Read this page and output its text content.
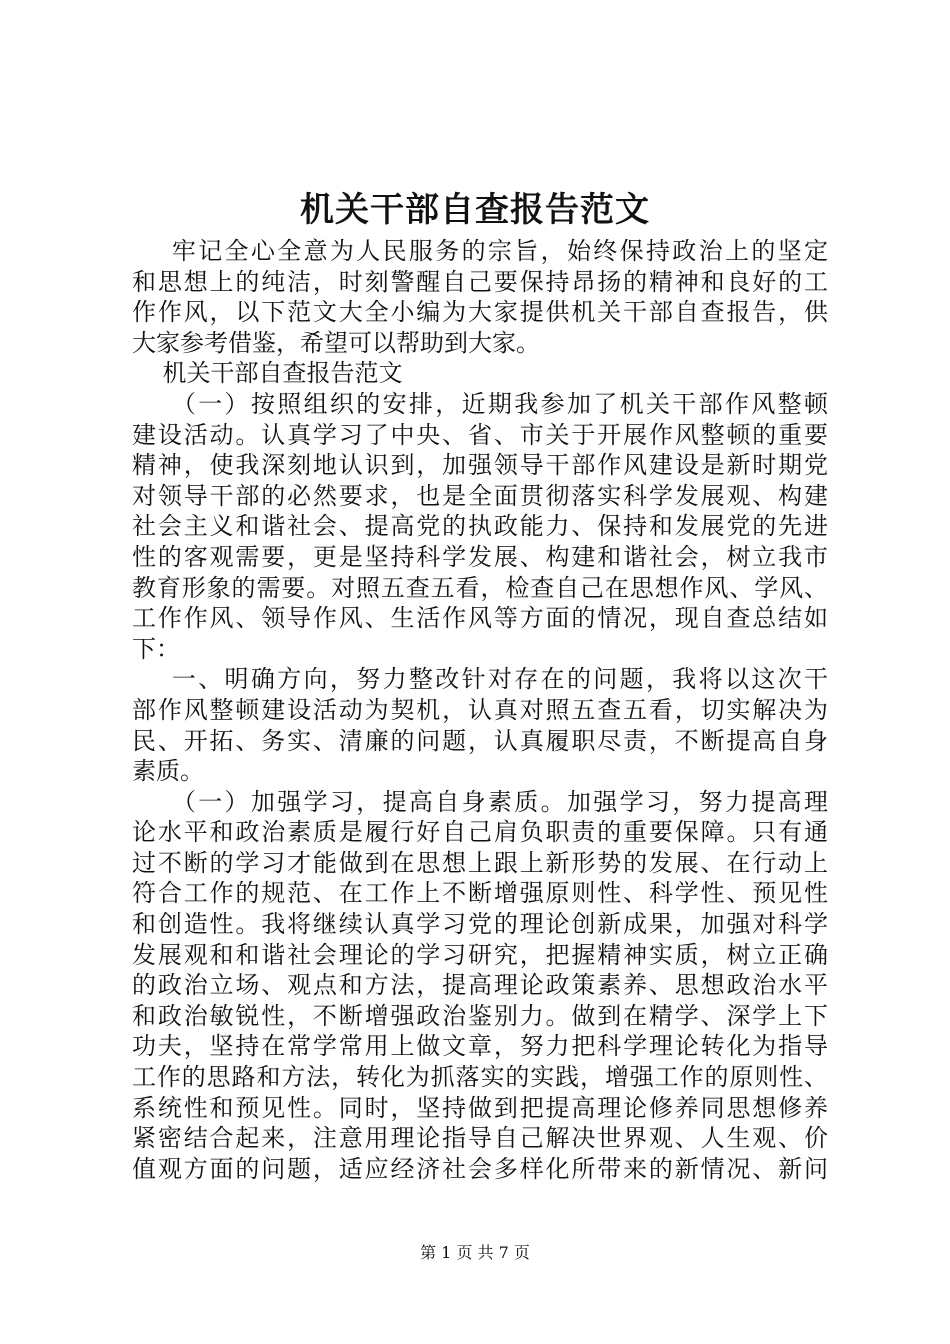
机关干部自查报告范文
牢记全心全意为人民服务的宗旨，始终保持政治上的坚定
和思想上的纯洁，时刻警醒自己要保持昂扬的精神和良好的工
作作风，以下范文大全小编为大家提供机关干部自查报告，供
大家参考借鉴，希望可以帮助到大家。
机关干部自查报告范文
（一）按照组织的安排，近期我参加了机关干部作风整顿
建设活动。认真学习了中央、省、市关于开展作风整顿的重要
精神，使我深刻地认识到，加强领导干部作风建设是新时期党
对领导干部的必然要求，也是全面贯彻落实科学发展观、构建
社会主义和谐社会、提高党的执政能力、保持和发展党的先进
性的客观需要，更是坚持科学发展、构建和谐社会，树立我市
教育形象的需要。对照五查五看，检查自己在思想作风、学风、
工作作风、领导作风、生活作风等方面的情况，现自查总结如
下：
一、明确方向，努力整改针对存在的问题，我将以这次干
部作风整顿建设活动为契机，认真对照五查五看，切实解决为
民、开拓、务实、清廉的问题，认真履职尽责，不断提高自身
素质。
（一）加强学习，提高自身素质。加强学习，努力提高理
论水平和政治素质是履行好自己肩负职责的重要保障。只有通
过不断的学习才能做到在思想上跟上新形势的发展、在行动上
符合工作的规范、在工作上不断增强原则性、科学性、预见性
和创造性。我将继续认真学习党的理论创新成果，加强对科学
发展观和和谐社会理论的学习研究，把握精神实质，树立正确
的政治立场、观点和方法，提高理论政策素养、思想政治水平
和政治敏锐性，不断增强政治鉴别力。做到在精学、深学上下
功夫，坚持在常学常用上做文章，努力把科学理论转化为指导
工作的思路和方法，转化为抓落实的实践，增强工作的原则性、
系统性和预见性。同时，坚持做到把提高理论修养同思想修养
紧密结合起来，注意用理论指导自己解决世界观、人生观、价
值观方面的问题，适应经济社会多样化所带来的新情况、新问
第 1 页 共 7 页
